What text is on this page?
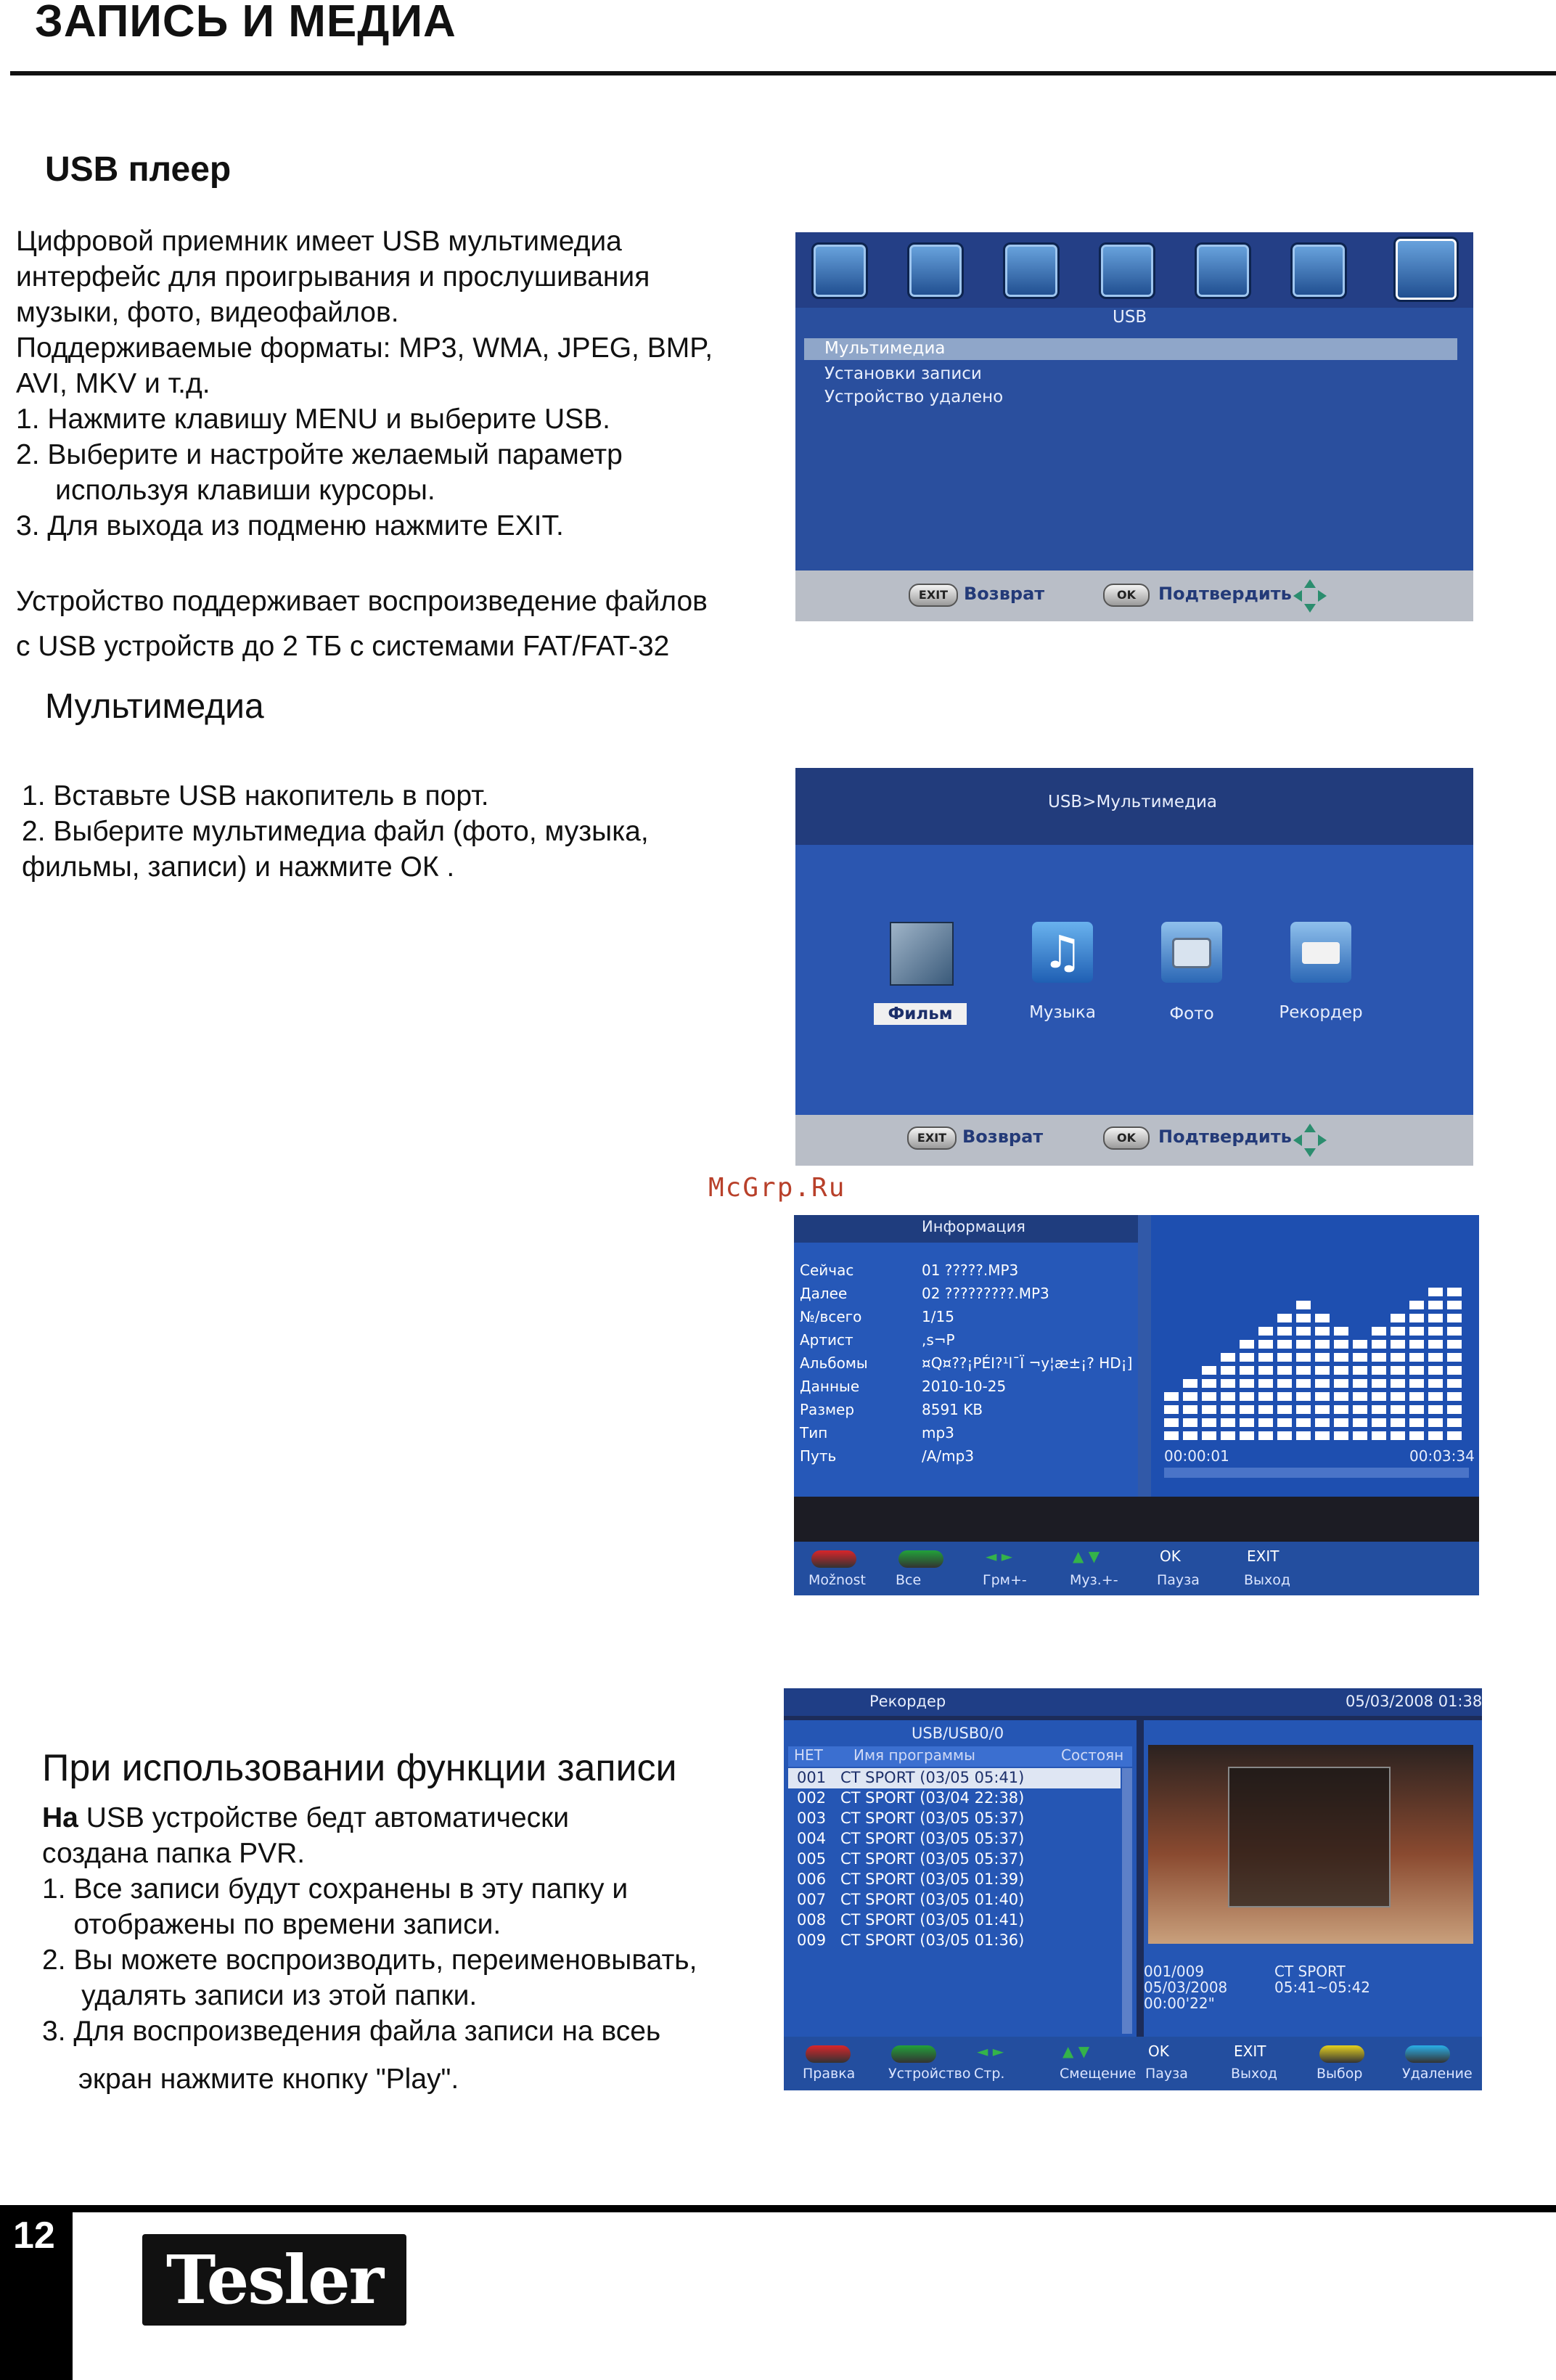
ЗАПИСЬ И МЕДИА
USB плеер
Цифровой приемник имеет USB мультимедиа
интерфейс для проигрывания и прослушивания
музыки, фото, видеофайлов.
Поддерживаемые форматы: MP3, WMA, JPEG, BMP,
AVI, MKV и т.д.
1. Нажмите клавишу MENU и выберите USB.
2. Выберите и настройте желаемый параметр
используя клавиши курсоры.
3. Для выхода из подменю нажмите EXIT.
Устройство поддерживает воспроизведение файлов
с USB устройств до 2 ТБ с системами FAT/FAT-32
USB
Мультимедиа
Установки записи
Устройство удалено
EXIT Возврат	OK	Подтвердить
Мультимедиа
1. Вставьте USB накопитель в порт.
2. Выберите мультимедиа файл (фото, музыка,
фильмы, записи) и нажмите ОК .
USB>Мультимедиа
♫
Фильм	Музыка	Фото	Рекордер
EXIT Возврат	OK	Подтвердить
McGrp.Ru
Информация
Сейчас	01 ?????.MP3
Далее	02 ?????????.MP3
№/всего	1/15
Артист	,s¬P
Альбомы	¤Q¤??¡PÉI?¹l¯Ï ¬y¦æ±¡? HD¡]
Данные	2010-10-25
Размер	8591 KB
Тип	mp3
Путь	/A/mp3	00:00:01	00:03:34
Možnost Все
◄ ►
Грм+-
▲ ▼
Муз.+-
OK
Пауза
EXIT
Выход
При использовании функции записи
На USB устройстве бедт автоматически
создана папка PVR.
1. Все записи будут сохранены в эту папку и
отображены по времени записи.
2. Вы можете воспроизводить, переименовывать,
удалять записи из этой папки.
3. Для воспроизведения файла записи на всеь
экран нажмите кнопку "Play".
Рекордер	05/03/2008 01:38
USB/USB0/0
НЕТ Имя программы	Состоян
001 CT SPORT (03/05 05:41)
002 CT SPORT (03/04 22:38)
003 CT SPORT (03/05 05:37)
004 CT SPORT (03/05 05:37)
005 CT SPORT (03/05 05:37)
006 CT SPORT (03/05 01:39)
007 CT SPORT (03/05 01:40)
008 CT SPORT (03/05 01:41)
009 CT SPORT (03/05 01:36)
001/009	CT SPORT
05/03/2008	05:41~05:42
00:00'22"
Правка Устройство
◄ ►
Стр.
▲ ▼
Смещение
OK
Пауза
EXIT
Выход	Выбор	Удаление
12
Tesler
